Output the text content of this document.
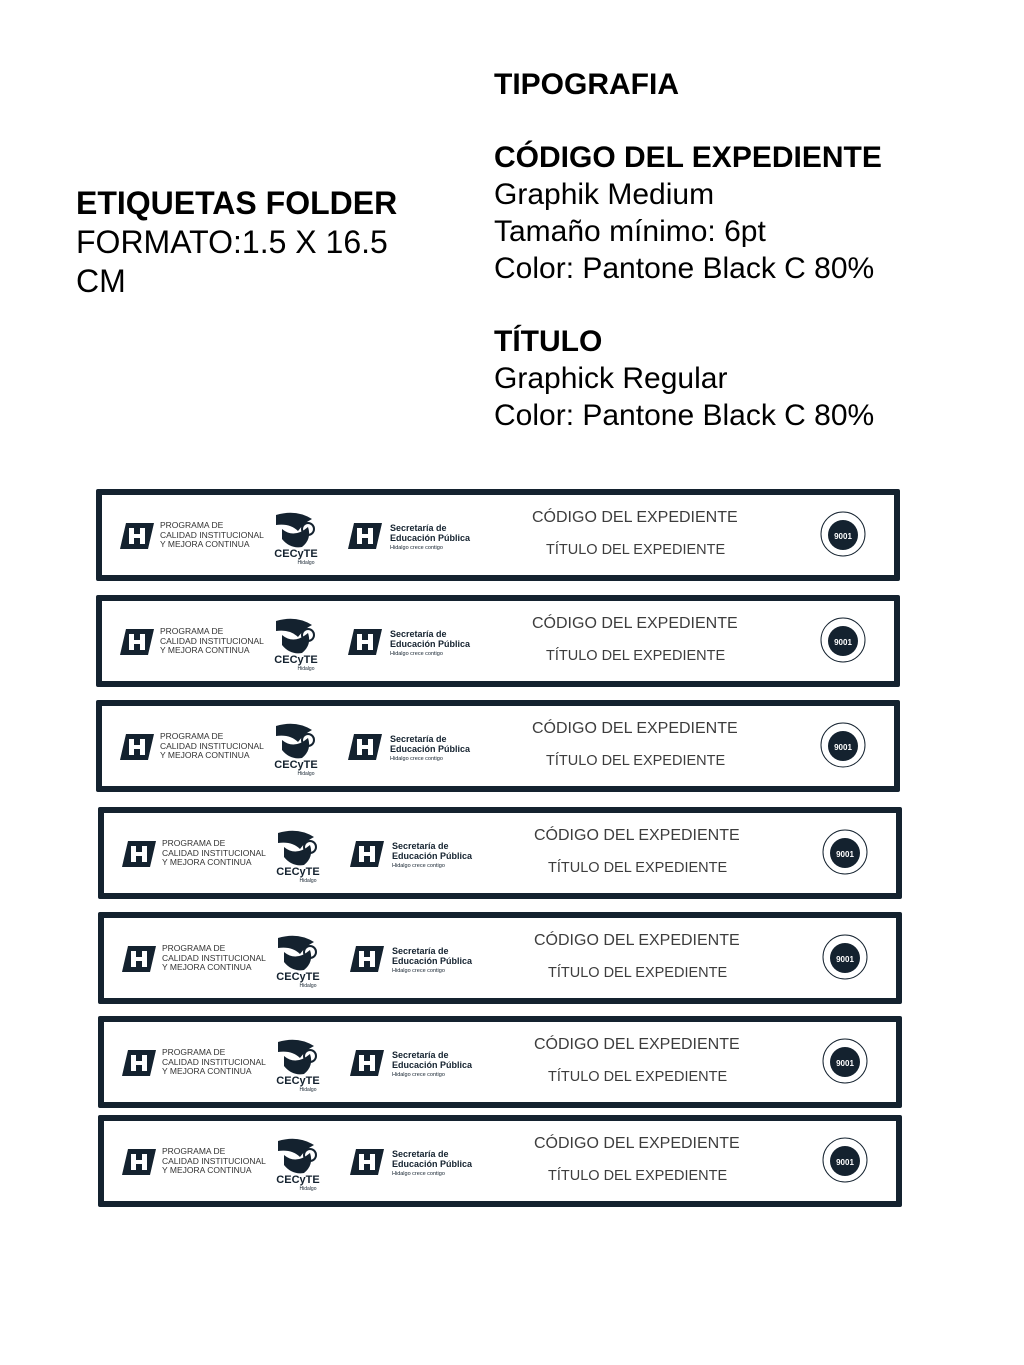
ETIQUETAS FOLDER
FORMATO:1.5 X 16.5 CM
TIPOGRAFIA
CÓDIGO DEL EXPEDIENTE
Graphik Medium
Tamaño mínimo: 6pt
Color: Pantone Black C 80%
TÍTULO
Graphick Regular
Color: Pantone Black C 80%
PROGRAMA DE
CALIDAD INSTITUCIONAL
Y MEJORA CONTINUA
CECyTE
Hidalgo
Secretaría de
Educación Pública
Hidalgo crece contigo
CÓDIGO DEL EXPEDIENTE
TÍTULO DEL EXPEDIENTE
9001
PROGRAMA DE
CALIDAD INSTITUCIONAL
Y MEJORA CONTINUA
CECyTE
Hidalgo
Secretaría de
Educación Pública
Hidalgo crece contigo
CÓDIGO DEL EXPEDIENTE
TÍTULO DEL EXPEDIENTE
9001
PROGRAMA DE
CALIDAD INSTITUCIONAL
Y MEJORA CONTINUA
CECyTE
Hidalgo
Secretaría de
Educación Pública
Hidalgo crece contigo
CÓDIGO DEL EXPEDIENTE
TÍTULO DEL EXPEDIENTE
9001
PROGRAMA DE
CALIDAD INSTITUCIONAL
Y MEJORA CONTINUA
CECyTE
Hidalgo
Secretaría de
Educación Pública
Hidalgo crece contigo
CÓDIGO DEL EXPEDIENTE
TÍTULO DEL EXPEDIENTE
9001
PROGRAMA DE
CALIDAD INSTITUCIONAL
Y MEJORA CONTINUA
CECyTE
Hidalgo
Secretaría de
Educación Pública
Hidalgo crece contigo
CÓDIGO DEL EXPEDIENTE
TÍTULO DEL EXPEDIENTE
9001
PROGRAMA DE
CALIDAD INSTITUCIONAL
Y MEJORA CONTINUA
CECyTE
Hidalgo
Secretaría de
Educación Pública
Hidalgo crece contigo
CÓDIGO DEL EXPEDIENTE
TÍTULO DEL EXPEDIENTE
9001
PROGRAMA DE
CALIDAD INSTITUCIONAL
Y MEJORA CONTINUA
CECyTE
Hidalgo
Secretaría de
Educación Pública
Hidalgo crece contigo
CÓDIGO DEL EXPEDIENTE
TÍTULO DEL EXPEDIENTE
9001
